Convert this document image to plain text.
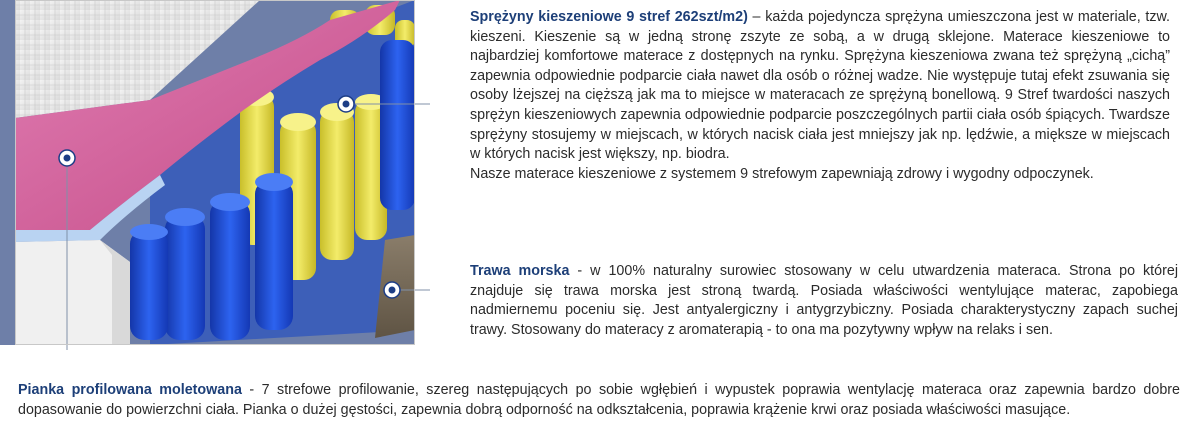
Sprężyny kieszeniowe 9 stref 262szt/m2) – każda pojedyncza sprężyna umieszczona jest w materiale, tzw. kieszeni. Kieszenie są w jedną stronę zszyte ze sobą, a w drugą sklejone. Materace kieszeniowe to najbardziej komfortowe materace z dostępnych na rynku. Sprężyna kieszeniowa zwana też sprężyną „cichą” zapewnia odpowiednie podparcie ciała nawet dla osób o różnej wadze. Nie występuje tutaj efekt zsuwania się osoby lżejszej na cięższą jak ma to miejsce w materacach ze sprężyną bonellową. 9 Stref twardości naszych sprężyn kieszeniowych zapewnia odpowiednie podparcie poszczególnych partii ciała osób śpiących. Twardsze sprężyny stosujemy w miejscach, w których nacisk ciała jest mniejszy jak np. lędźwie, a miększe w miejscach w których nacisk jest większy, np. biodra.
Nasze materace kieszeniowe z systemem 9 strefowym zapewniają zdrowy i wygodny odpoczynek.
Trawa morska - w 100% naturalny surowiec stosowany w celu utwardzenia materaca. Strona po której znajduje się trawa morska jest stroną twardą. Posiada właściwości wentylujące materac, zapobiega nadmiernemu poceniu się. Jest antyalergiczny i antygrzybiczny. Posiada charakterystyczny zapach suchej trawy. Stosowany do materacy z aromaterapią - to ona ma pozytywny wpływ na relaks i sen.
Pianka profilowana moletowana - 7 strefowe profilowanie, szereg następujących po sobie wgłębień i wypustek poprawia wentylację materaca oraz zapewnia bardzo dobre dopasowanie do powierzchni ciała. Pianka o dużej gęstości, zapewnia dobrą odporność na odkształcenia, poprawia krążenie krwi oraz posiada właściwości masujące.
